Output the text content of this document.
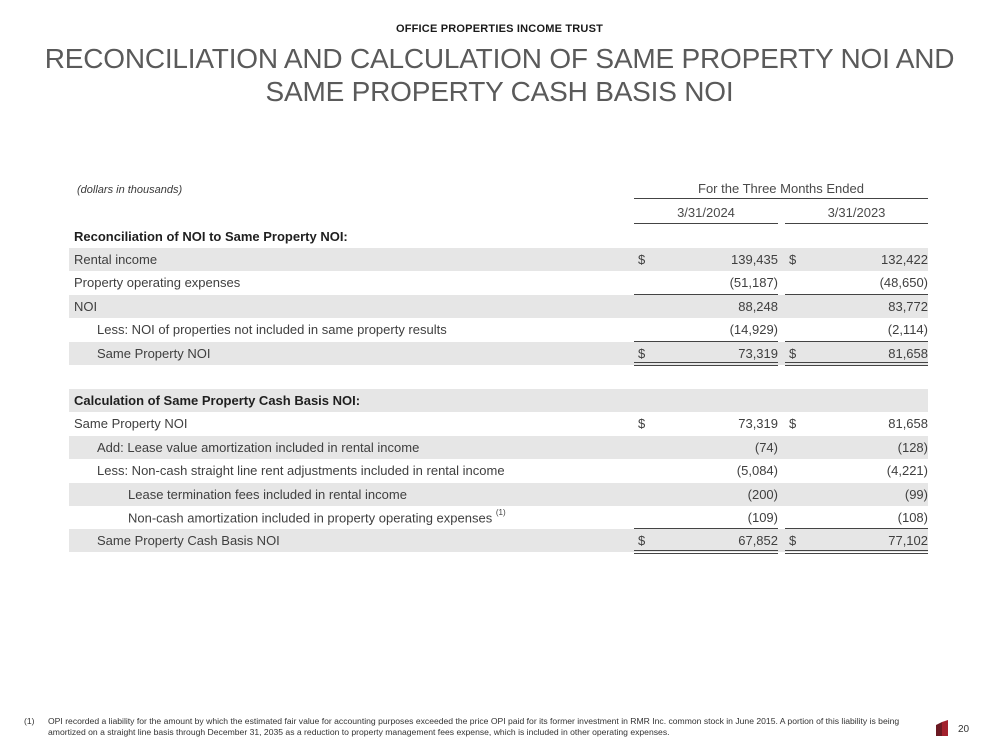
OFFICE PROPERTIES INCOME TRUST
RECONCILIATION AND CALCULATION OF SAME PROPERTY NOI AND
SAME PROPERTY CASH BASIS NOI
(dollars in thousands)	For the Three Months Ended
3/31/2024	3/31/2023
Reconciliation of NOI to Same Property NOI:
Rental income	$	139,435 $	132,422
Property operating expenses	(51,187)	(48,650)
NOI	88,248	83,772
Less: NOI of properties not included in same property results	(14,929)	(2,114)
Same Property NOI	$	73,319 $	81,658
Calculation of Same Property Cash Basis NOI:
Same Property NOI	$	73,319 $	81,658
Add: Lease value amortization included in rental income	(74)	(128)
Less: Non-cash straight line rent adjustments included in rental income	(5,084)	(4,221)
Lease termination fees included in rental income	(200)	(99)
Non-cash amortization included in property operating expenses $^{(1)}$	(109)	(108)
Same Property Cash Basis NOI	$	67,852 $	77,102
(1) OPI recorded a liability for the amount by which the estimated fair value for accounting purposes exceeded the price OPI paid for its former investment in RMR Inc. common stock in June 2015. A portion of this liability is being amortized on a straight line basis through December 31, 2035 as a reduction to property management fees expense, which is included in other operating expenses.	20
